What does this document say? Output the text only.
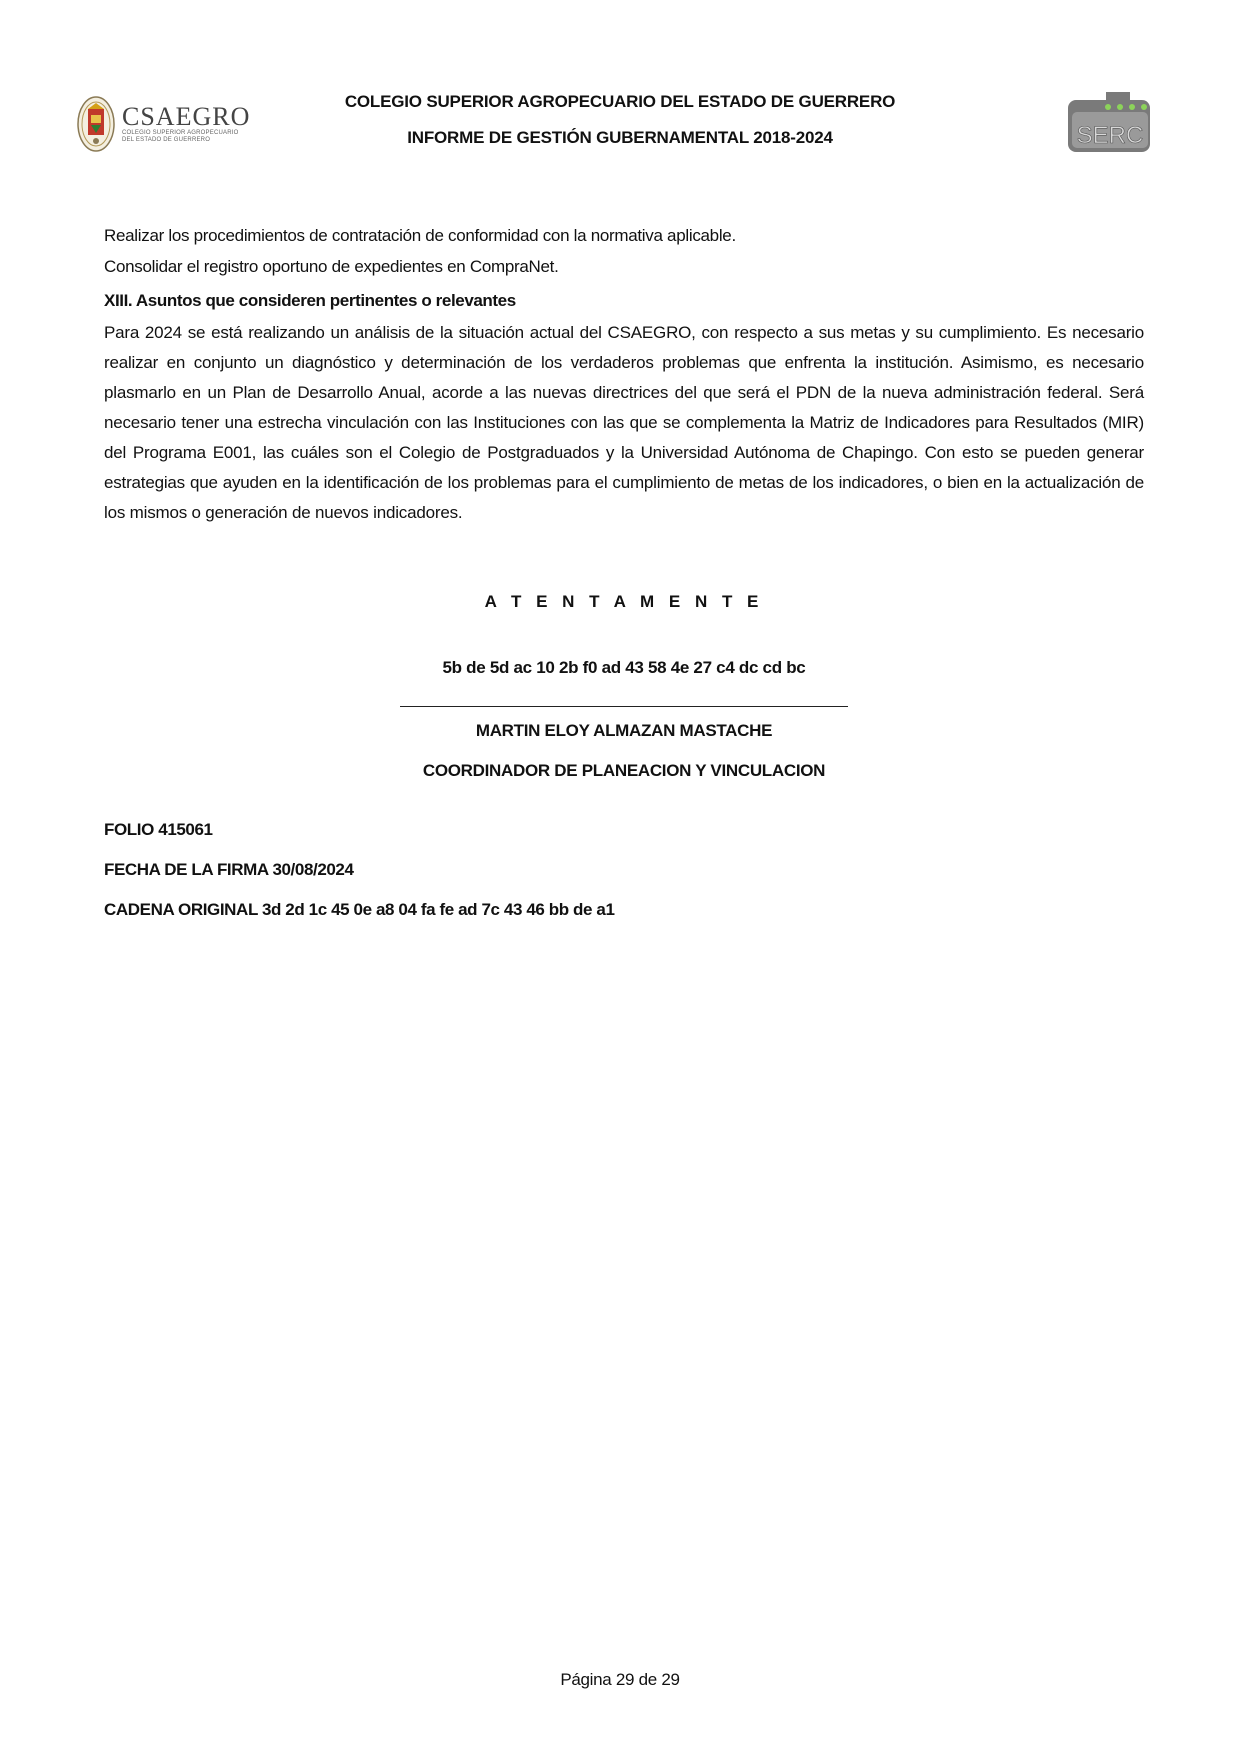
CSAEGRO
COLEGIO SUPERIOR AGROPECUARIO
DEL ESTADO DE GUERRERO

COLEGIO SUPERIOR AGROPECUARIO DEL ESTADO DE GUERRERO

INFORME DE GESTIÓN GUBERNAMENTAL 2018-2024	SERC

Realizar los procedimientos de contratación de conformidad con la normativa aplicable.

Consolidar el registro oportuno de expedientes en CompraNet.

XIII. Asuntos que consideren pertinentes o relevantes

Para 2024 se está realizando un análisis de la situación actual del CSAEGRO, con respecto a sus metas y su cumplimiento. Es necesario realizar en conjunto un diagnóstico y determinación de los verdaderos problemas que enfrenta la institución. Asimismo, es necesario plasmarlo en un Plan de Desarrollo Anual, acorde a las nuevas directrices del que será el PDN de la nueva administración federal. Será necesario tener una estrecha vinculación con las Instituciones con las que se complementa la Matriz de Indicadores para Resultados (MIR) del Programa E001, las cuáles son el Colegio de Postgraduados y la Universidad Autónoma de Chapingo. Con esto se pueden generar estrategias que ayuden en la identificación de los problemas para el cumplimiento de metas de los indicadores, o bien en la actualización de los mismos o generación de nuevos indicadores.

A T E N T A M E N T E

5b de 5d ac 10 2b f0 ad 43 58 4e 27 c4 dc cd bc

MARTIN ELOY ALMAZAN MASTACHE

COORDINADOR DE PLANEACION Y VINCULACION

FOLIO 415061

FECHA DE LA FIRMA 30/08/2024

CADENA ORIGINAL 3d 2d 1c 45 0e a8 04 fa fe ad 7c 43 46 bb de a1

Página 29 de 29
